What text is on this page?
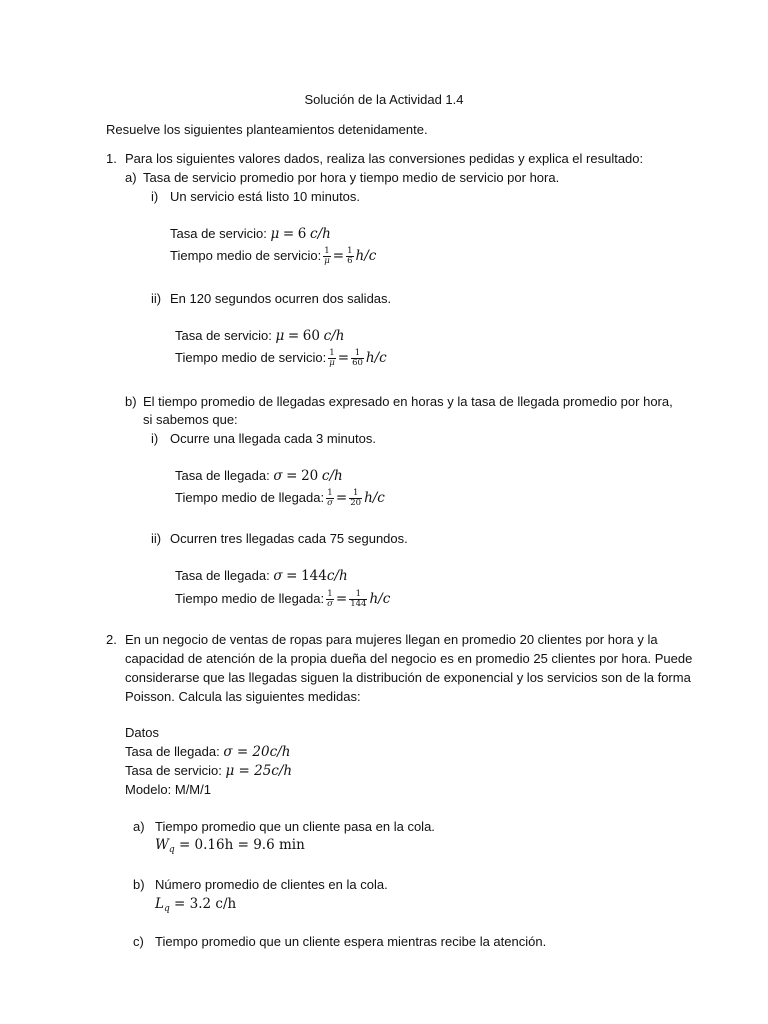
Solución de la Actividad 1.4
Resuelve los siguientes planteamientos detenidamente.
1. Para los siguientes valores dados, realiza las conversiones pedidas y explica el resultado:
a) Tasa de servicio promedio por hora y tiempo medio de servicio por hora.
i) Un servicio está listo 10 minutos.
Tasa de servicio: μ = 6 c/h
Tiempo medio de servicio: $\frac{1}{\mu} = \frac{1}{6} h/c$
ii) En 120 segundos ocurren dos salidas.
Tasa de servicio: μ = 60 c/h
Tiempo medio de servicio: $\frac{1}{\mu} = \frac{1}{60} h/c$
b) El tiempo promedio de llegadas expresado en horas y la tasa de llegada promedio por hora,
si sabemos que:
i) Ocurre una llegada cada 3 minutos.
Tasa de llegada: σ = 20 c/h
Tiempo medio de llegada: $\frac{1}{\sigma} = \frac{1}{20} h/c$
ii) Ocurren tres llegadas cada 75 segundos.
Tasa de llegada: σ = 144c/h
Tiempo medio de llegada: $\frac{1}{\sigma} = \frac{1}{144} h/c$
2. En un negocio de ventas de ropas para mujeres llegan en promedio 20 clientes por hora y la
capacidad de atención de la propia dueña del negocio es en promedio 25 clientes por hora. Puede
considerarse que las llegadas siguen la distribución de exponencial y los servicios son de la forma
Poisson. Calcula las siguientes medidas:
Datos
Tasa de llegada: σ = 20c/h
Tasa de servicio: μ = 25c/h
Modelo: M/M/1
a) Tiempo promedio que un cliente pasa en la cola.
$W_q = 0.16h = 9.6$ min
b) Número promedio de clientes en la cola.
$L_q = 3.2$ c/h
c) Tiempo promedio que un cliente espera mientras recibe la atención.
